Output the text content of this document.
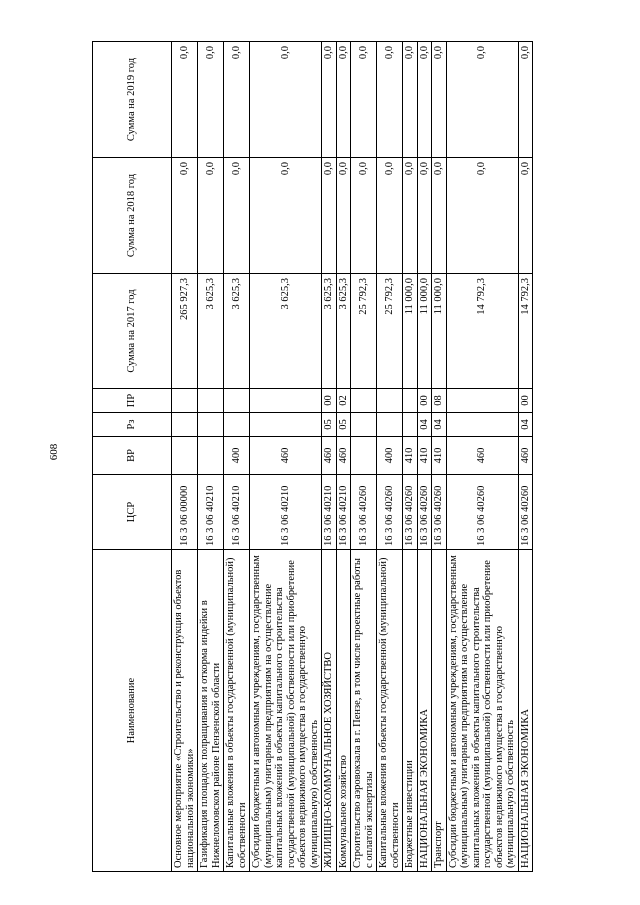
608
Наименование	ЦСР	ВР	Рз	ПР	Сумма на 2017 год	Сумма на 2018 год	Сумма на 2019 год
Основное мероприятие «Строительство и реконструкция объектов национальной экономики»	16 3 06 00000				265 927,3	0,0	0,0
Газификация площадок полращивания и откорма индейки в Нижнеломовском районе Пензенской области	16 3 06 40210				3 625,3	0,0	0,0
Капитальные вложения в объекты государственной (муниципальной) собственности	16 3 06 40210	400			3 625,3	0,0	0,0
Субсидии бюджетным и автономным учреждениям, государственным (муниципальным) унитарным предприятиям на осуществление капитальных вложений в объекты капитального строительства государственной (муниципальной) собственности или приобретение объектов недвижимого имущества в государственную (муниципальную) собственность	16 3 06 40210	460			3 625,3	0,0	0,0
ЖИЛИЩНО-КОММУНАЛЬНОЕ ХОЗЯЙСТВО	16 3 06 40210	460	05	00	3 625,3	0,0	0,0
Коммунальное хозяйство	16 3 06 40210	460	05	02	3 625,3	0,0	0,0
Строительство аэровокзала в г. Пензе, в том числе проектные работы с оплатой экспертизы	16 3 06 40260				25 792,3	0,0	0,0
Капитальные вложения в объекты государственной (муниципальной) собственности	16 3 06 40260	400			25 792,3	0,0	0,0
Бюджетные инвестиции	16 3 06 40260	410			11 000,0	0,0	0,0
НАЦИОНАЛЬНАЯ ЭКОНОМИКА	16 3 06 40260	410	04	00	11 000,0	0,0	0,0
Транспорт	16 3 06 40260	410	04	08	11 000,0	0,0	0,0
Субсидии бюджетным и автономным учреждениям, государственным (муниципальным) унитарным предприятиям на осуществление капитальных вложений в объекты капитального строительства государственной (муниципальной) собственности или приобретение объектов недвижимого имущества в государственную (муниципальную) собственность	16 3 06 40260	460			14 792,3	0,0	0,0
НАЦИОНАЛЬНАЯ ЭКОНОМИКА	16 3 06 40260	460	04	00	14 792,3	0,0	0,0
